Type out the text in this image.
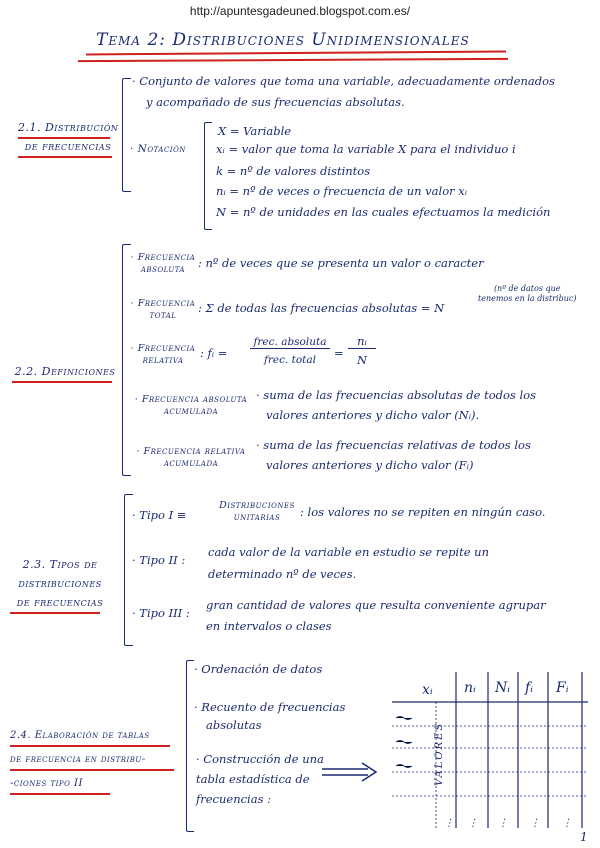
http://apuntesgadeuned.blogspot.com.es/
Tema 2: Distribuciones Unidimensionales
2.1. Distribución
de frecuencias
· Conjunto de valores que toma una variable, adecuadamente ordenados
y acompañado de sus frecuencias absolutas.
· Notación
X = Variable
xᵢ = valor que toma la variable X para el individuo i
k = nº de valores distintos
nᵢ = nº de veces o frecuencia de un valor xᵢ
N = nº de unidades en las cuales efectuamos la medición
2.2. Definiciones
· Frecuencia
absoluta	: nº de veces que se presenta un valor o caracter
· Frecuencia
total
: Σ de todas las frecuencias absolutas = N
(nº de datos que
tenemos en la distribuc)
· Frecuencia
relativa
: fᵢ =
frec. absoluta
frec. total	=
nᵢ
N
· Frecuencia absoluta
acumulada
· suma de las frecuencias absolutas de todos los
valores anteriores y dicho valor (Nᵢ).
· Frecuencia relativa
acumulada
· suma de las frecuencias relativas de todos los
valores anteriores y dicho valor (Fᵢ)
2.3. Tipos de
distribuciones
de frecuencias
· Tipo I ≡
Distribuciones
unitarias	: los valores no se repiten en ningún caso.
· Tipo II :
cada valor de la variable en estudio se repite un
determinado nº de veces.
· Tipo III :
gran cantidad de valores que resulta conveniente agrupar
en intervalos o clases
2.4. Elaboración de tablas
de frecuencia en distribu-
-ciones tipo II
· Ordenación de datos
· Recuento de frecuencias
absolutas
· Construcción de una
tabla estadística de
frecuencias :
xᵢ nᵢ Nᵢ fᵢ Fᵢ
VALORES
⋮ ⋮ ⋮ ⋮ ⋮
1
